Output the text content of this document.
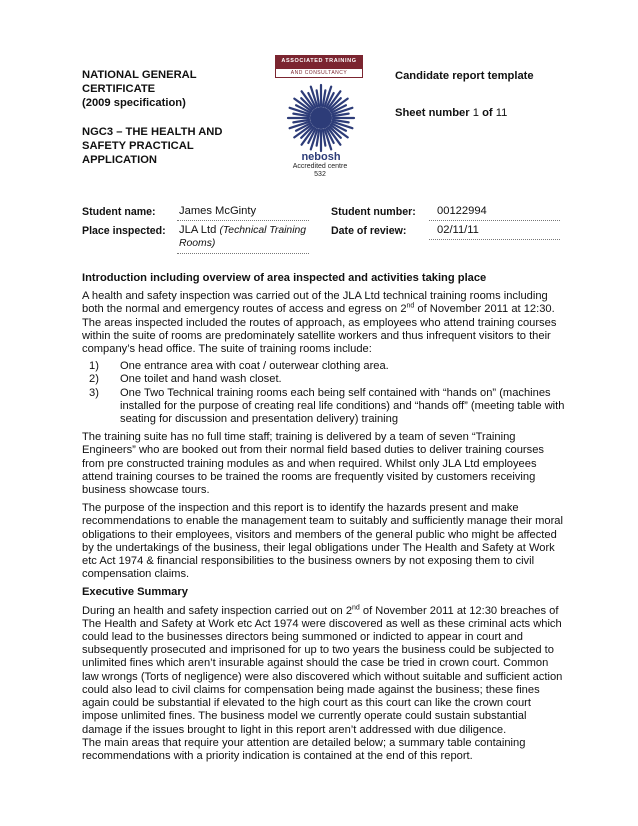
NATIONAL GENERAL
CERTIFICATE
(2009 specification)
NGC3 – THE HEALTH AND
SAFETY PRACTICAL
APPLICATION
ASSOCIATED TRAINING
AND CONSULTANCY
nebosh
Accredited centre
532
Candidate report template
Sheet number 1 of 11
Student name: James McGinty	Student number: 00122994
Place inspected: JLA Ltd (Technical Training
Rooms)
Date of review:	02/11/11

Introduction including overview of area inspected and activities taking place

A health and safety inspection was carried out of the JLA Ltd technical training rooms including
both the normal and emergency routes of access and egress on 2nd of November 2011 at 12:30.
The areas inspected included the routes of approach, as employees who attend training courses within the suite of rooms are predominately satellite workers and thus infrequent visitors to their company’s head office. The suite of training rooms include:

1) One entrance area with coat / outerwear clothing area.
2) One toilet and hand wash closet.
3) One Two Technical training rooms each being self contained with “hands on” (machines installed for the purpose of creating real life conditions) and “hands off” (meeting table with seating for discussion and presentation delivery) training

The training suite has no full time staff; training is delivered by a team of seven “Training Engineers” who are booked out from their normal field based duties to deliver training courses from pre constructed training modules as and when required. Whilst only JLA Ltd employees attend training courses to be trained the rooms are frequently visited by customers receiving business showcase tours.

The purpose of the inspection and this report is to identify the hazards present and make recommendations to enable the management team to suitably and sufficiently manage their moral obligations to their employees, visitors and members of the general public who might be affected by the undertakings of the business, their legal obligations under The Health and Safety at Work etc Act 1974 & financial responsibilities to the business owners by not exposing them to civil compensation claims.

Executive Summary

During an health and safety inspection carried out on 2nd of November 2011 at 12:30 breaches of The Health and Safety at Work etc Act 1974 were discovered as well as these criminal acts which could lead to the businesses directors being summoned or indicted to appear in court and subsequently prosecuted and imprisoned for up to two years the business could be subjected to unlimited fines which aren’t insurable against should the case be tried in crown court. Common law wrongs (Torts of negligence) were also discovered which without suitable and sufficient action could also lead to civil claims for compensation being made against the business; these fines again could be substantial if elevated to the high court as this court can like the crown court impose unlimited fines. The business model we currently operate could sustain substantial damage if the issues brought to light in this report aren’t addressed with due diligence.

The main areas that require your attention are detailed below; a summary table containing recommendations with a priority indication is contained at the end of this report.
